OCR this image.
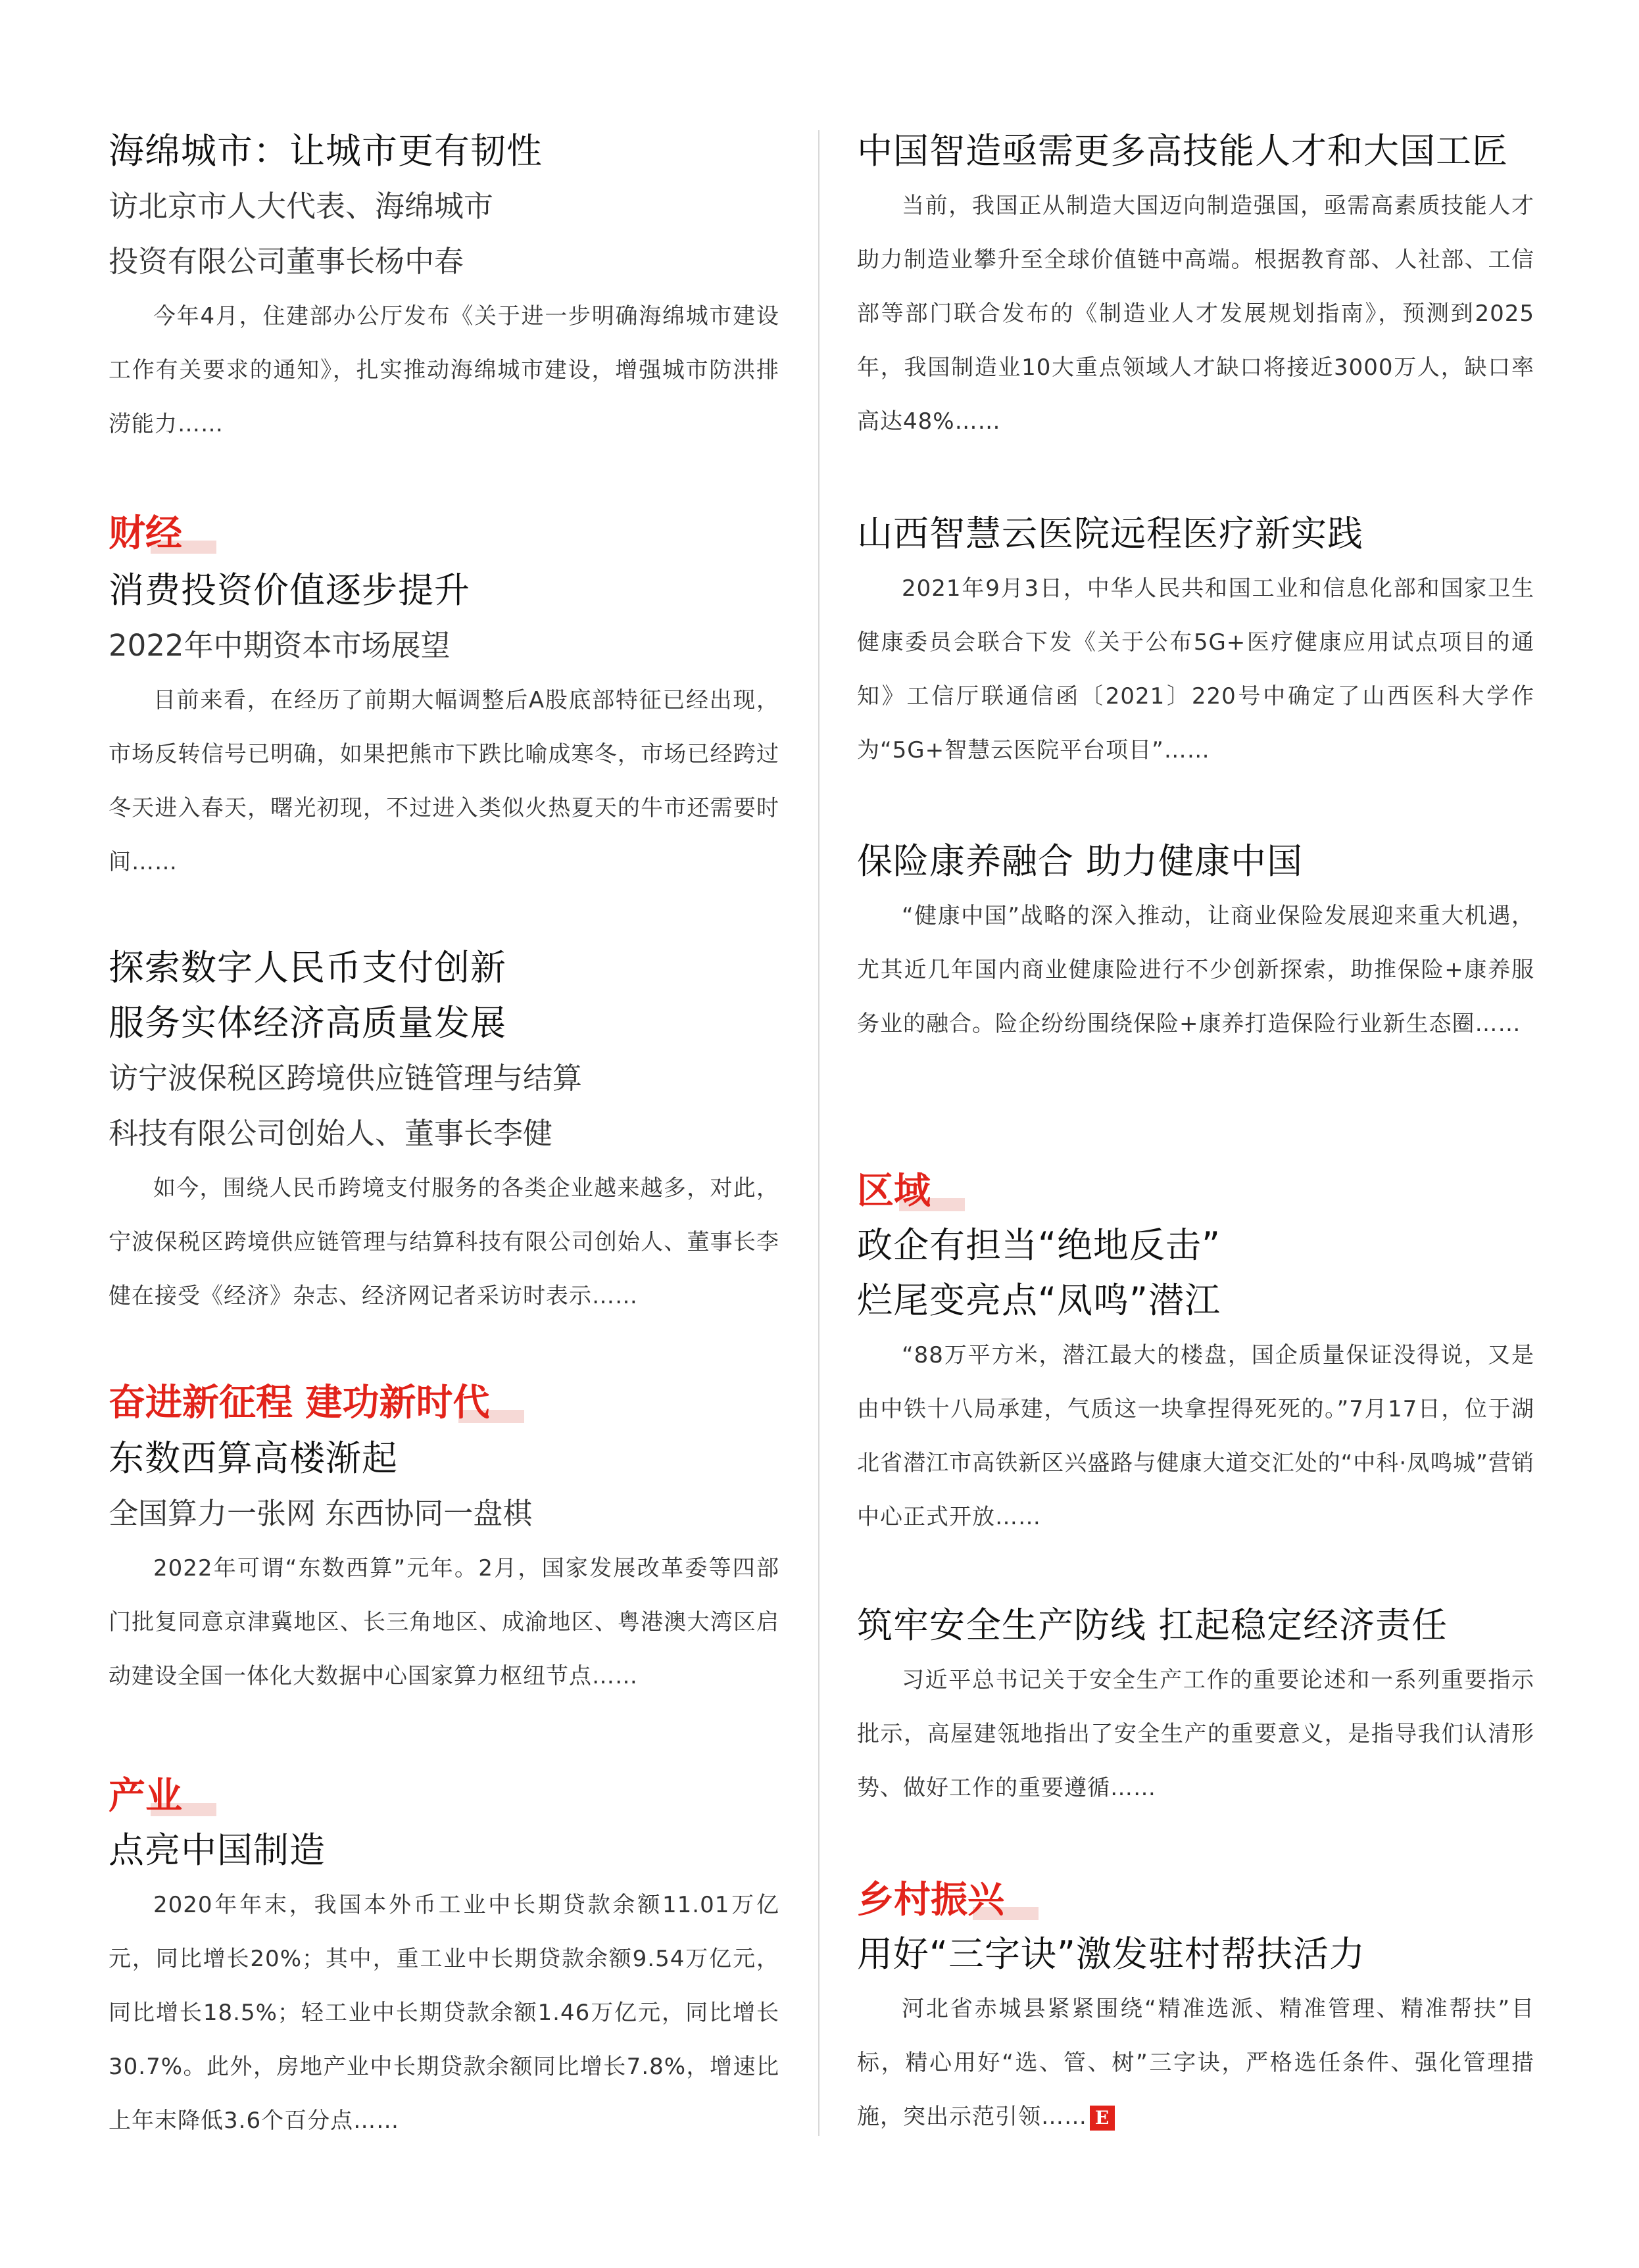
海绵城市：让城市更有韧性
访北京市人大代表、海绵城市
投资有限公司董事长杨中春
今年4月，住建部办公厅发布《关于进一步明确海绵城市建设工作有关要求的通知》，扎实推动海绵城市建设，增强城市防洪排涝能力……
财经
消费投资价值逐步提升
2022年中期资本市场展望
目前来看，在经历了前期大幅调整后A股底部特征已经出现，市场反转信号已明确，如果把熊市下跌比喻成寒冬，市场已经跨过冬天进入春天，曙光初现，不过进入类似火热夏天的牛市还需要时间……
探索数字人民币支付创新
服务实体经济高质量发展
访宁波保税区跨境供应链管理与结算
科技有限公司创始人、董事长李健
如今，围绕人民币跨境支付服务的各类企业越来越多，对此，宁波保税区跨境供应链管理与结算科技有限公司创始人、董事长李健在接受《经济》杂志、经济网记者采访时表示……
奋进新征程 建功新时代
东数西算高楼渐起
全国算力一张网 东西协同一盘棋
2022年可谓“东数西算”元年。2月，国家发展改革委等四部门批复同意京津冀地区、长三角地区、成渝地区、粤港澳大湾区启动建设全国一体化大数据中心国家算力枢纽节点……
产业
点亮中国制造
2020年年末，我国本外币工业中长期贷款余额11.01万亿元，同比增长20%；其中，重工业中长期贷款余额9.54万亿元，同比增长18.5%；轻工业中长期贷款余额1.46万亿元，同比增长30.7%。此外，房地产业中长期贷款余额同比增长7.8%，增速比上年末降低3.6个百分点……
中国智造亟需更多高技能人才和大国工匠
当前，我国正从制造大国迈向制造强国，亟需高素质技能人才助力制造业攀升至全球价值链中高端。根据教育部、人社部、工信部等部门联合发布的《制造业人才发展规划指南》，预测到2025年，我国制造业10大重点领域人才缺口将接近3000万人，缺口率高达48%……
山西智慧云医院远程医疗新实践
2021年9月3日，中华人民共和国工业和信息化部和国家卫生健康委员会联合下发《关于公布5G+医疗健康应用试点项目的通知》工信厅联通信函〔2021〕220号中确定了山西医科大学作为“5G+智慧云医院平台项目”……
保险康养融合 助力健康中国
“健康中国”战略的深入推动，让商业保险发展迎来重大机遇，尤其近几年国内商业健康险进行不少创新探索，助推保险+康养服务业的融合。险企纷纷围绕保险+康养打造保险行业新生态圈……
区域
政企有担当“绝地反击”
烂尾变亮点“凤鸣”潜江
“88万平方米，潜江最大的楼盘，国企质量保证没得说，又是由中铁十八局承建，气质这一块拿捏得死死的。”7月17日，位于湖北省潜江市高铁新区兴盛路与健康大道交汇处的“中科·凤鸣城”营销中心正式开放……
筑牢安全生产防线 扛起稳定经济责任
习近平总书记关于安全生产工作的重要论述和一系列重要指示批示，高屋建瓴地指出了安全生产的重要意义，是指导我们认清形势、做好工作的重要遵循……
乡村振兴
用好“三字诀”激发驻村帮扶活力
河北省赤城县紧紧围绕“精准选派、精准管理、精准帮扶”目标，精心用好“选、管、树”三字诀，严格选任条件、强化管理措施，突出示范引领…… E
